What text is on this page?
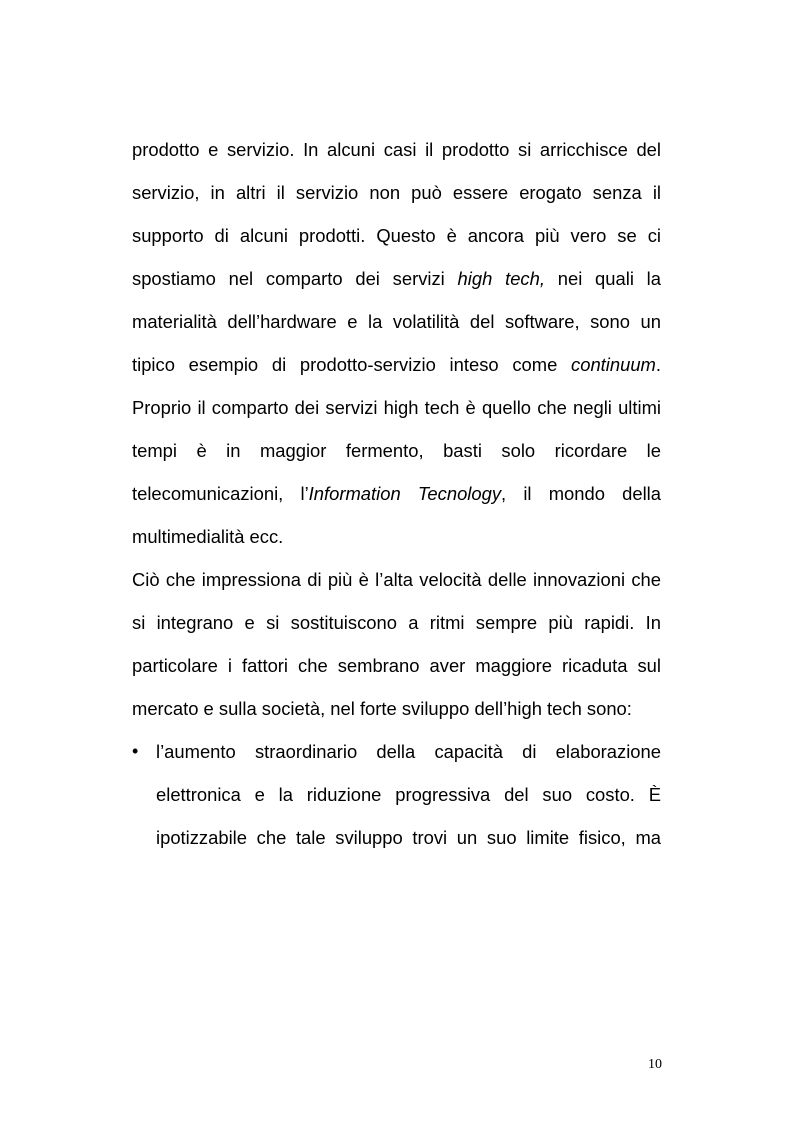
prodotto e servizio. In alcuni casi il prodotto si arricchisce del
servizio, in altri il servizio non può essere erogato senza il
supporto di alcuni prodotti. Questo è ancora più vero se ci
spostiamo nel comparto dei servizi high tech, nei quali la
materialità dell’hardware e la volatilità del software, sono un
tipico esempio di prodotto-servizio inteso come continuum.
Proprio il comparto dei servizi high tech è quello che negli ultimi
tempi è in maggior fermento, basti solo ricordare le
telecomunicazioni, l’Information Tecnology, il mondo della
multimedialità ecc.
Ciò che impressiona di più è l’alta velocità delle innovazioni che
si integrano e si sostituiscono a ritmi sempre più rapidi. In
particolare i fattori che sembrano aver maggiore ricaduta sul
mercato e sulla società, nel forte sviluppo dell’high tech sono:
• l’aumento straordinario della capacità di elaborazione
elettronica e la riduzione progressiva del suo costo. È
ipotizzabile che tale sviluppo trovi un suo limite fisico, ma
10
